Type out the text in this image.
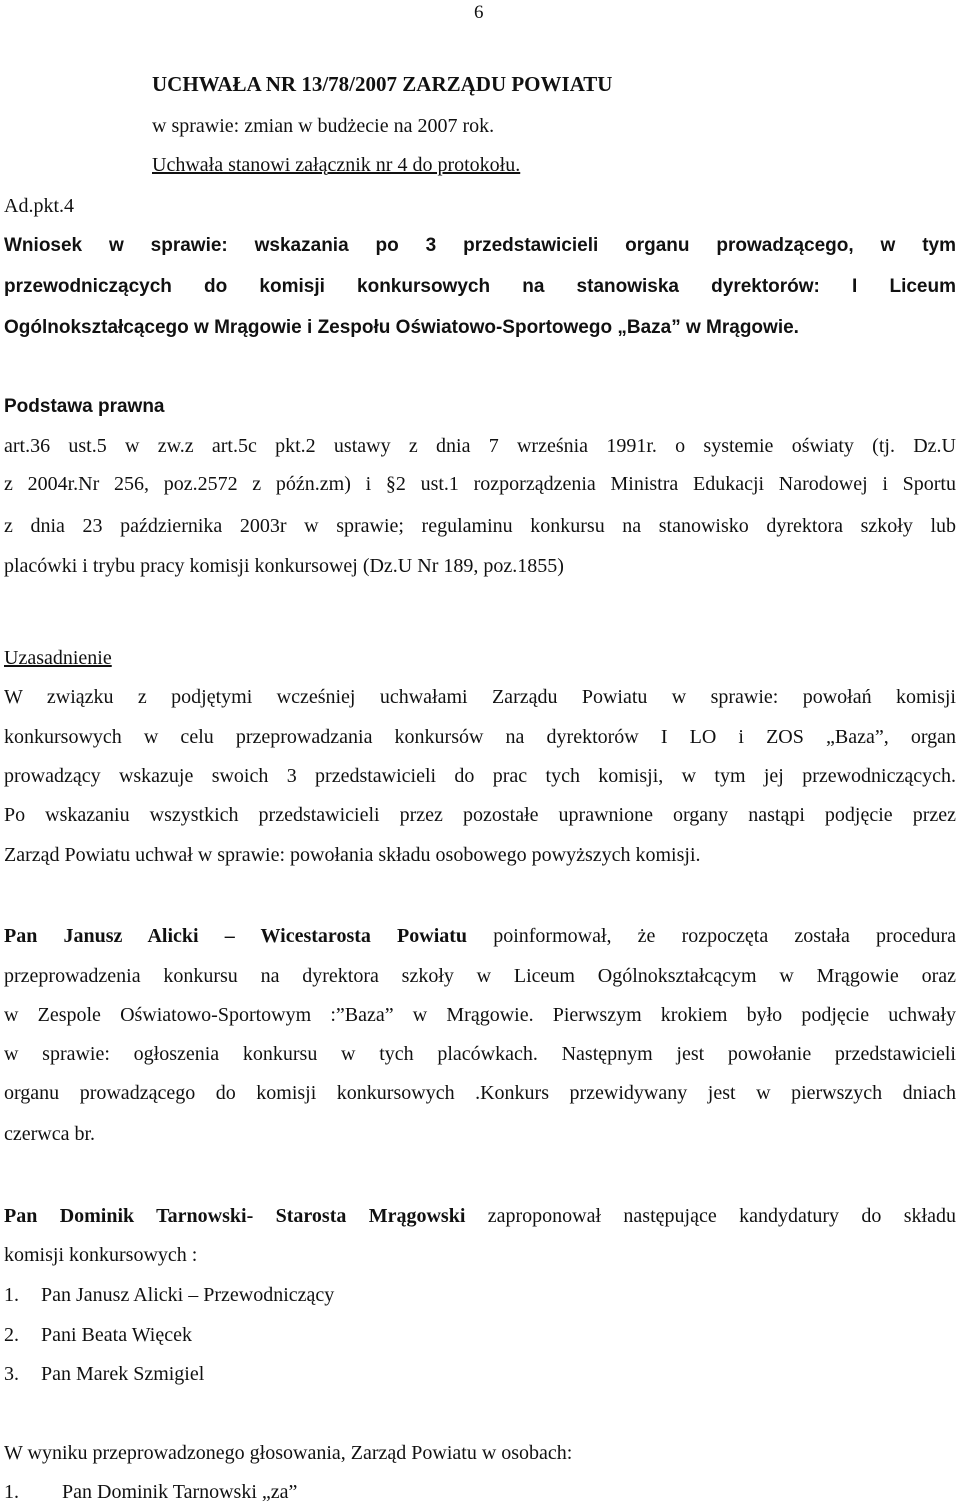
6
UCHWAŁA NR 13/78/2007 ZARZĄDU POWIATU
w sprawie: zmian w budżecie na 2007 rok.
Uchwała stanowi załącznik nr 4 do protokołu.
Ad.pkt.4
Wniosek w sprawie: wskazania po 3 przedstawicieli organu prowadzącego, w tym
przewodniczących do komisji konkursowych na stanowiska dyrektorów: I Liceum
Ogólnokształcącego w Mrągowie i Zespołu Oświatowo-Sportowego „Baza” w Mrągowie.
Podstawa prawna
art.36 ust.5 w zw.z art.5c pkt.2 ustawy z dnia 7 września 1991r. o systemie oświaty (tj. Dz.U
z 2004r.Nr 256, poz.2572 z późn.zm) i §2 ust.1 rozporządzenia Ministra Edukacji Narodowej i Sportu
z dnia 23 października 2003r w sprawie; regulaminu konkursu na stanowisko dyrektora szkoły lub
placówki i trybu pracy komisji konkursowej (Dz.U Nr 189, poz.1855)
Uzasadnienie
W związku z podjętymi wcześniej uchwałami Zarządu Powiatu w sprawie: powołań komisji
konkursowych w celu przeprowadzania konkursów na dyrektorów I LO i ZOS „Baza”, organ
prowadzący wskazuje swoich 3 przedstawicieli do prac tych komisji, w tym jej przewodniczących.
Po wskazaniu wszystkich przedstawicieli przez pozostałe uprawnione organy nastąpi podjęcie przez
Zarząd Powiatu uchwał w sprawie: powołania składu osobowego powyższych komisji.
Pan Janusz Alicki – Wicestarosta Powiatu poinformował, że rozpoczęta została procedura
przeprowadzenia konkursu na dyrektora szkoły w Liceum Ogólnokształcącym w Mrągowie oraz
w Zespole Oświatowo-Sportowym :”Baza” w Mrągowie. Pierwszym krokiem było podjęcie uchwały
w sprawie: ogłoszenia konkursu w tych placówkach. Następnym jest powołanie przedstawicieli
organu prowadzącego do komisji konkursowych .Konkurs przewidywany jest w pierwszych dniach
czerwca br.
Pan Dominik Tarnowski- Starosta Mrągowski zaproponował następujące kandydatury do składu
komisji konkursowych :
1. Pan Janusz Alicki – Przewodniczący
2. Pani Beata Więcek
3. Pan Marek Szmigiel
W wyniku przeprowadzonego głosowania, Zarząd Powiatu w osobach:
1. Pan Dominik Tarnowski „za”
